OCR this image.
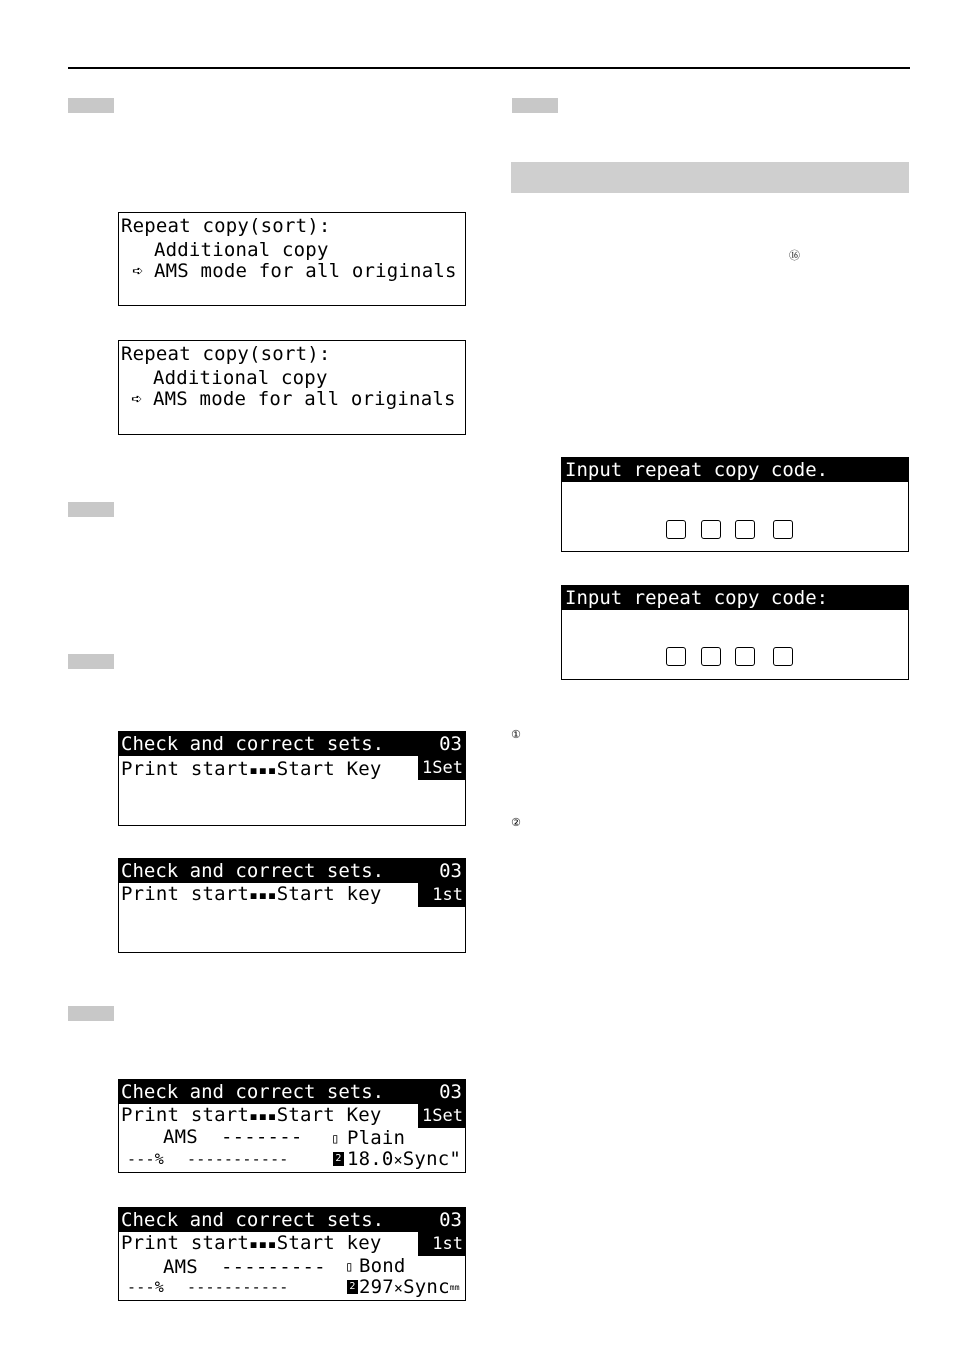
Repeat copy(sort):
Additional copy
➪ AMS mode for all originals
Repeat copy(sort):
Additional copy
➪ AMS mode for all originals
Check and correct sets.	03
Print start▪▪▪Start Key 1Set
Check and correct sets.	03
Print start▪▪▪Start key	1st
Check and correct sets.	03
Print start▪▪▪Start Key 1Set
AMS ------- ▯ Plain
---% -----------	2 18.0×Sync"
Check and correct sets.	03
Print start▪▪▪Start key	1st
AMS --------- ▯ Bond
---% -----------	2 297×Syncmm
Input repeat copy code.
Input repeat copy code:
⑯
①
②
